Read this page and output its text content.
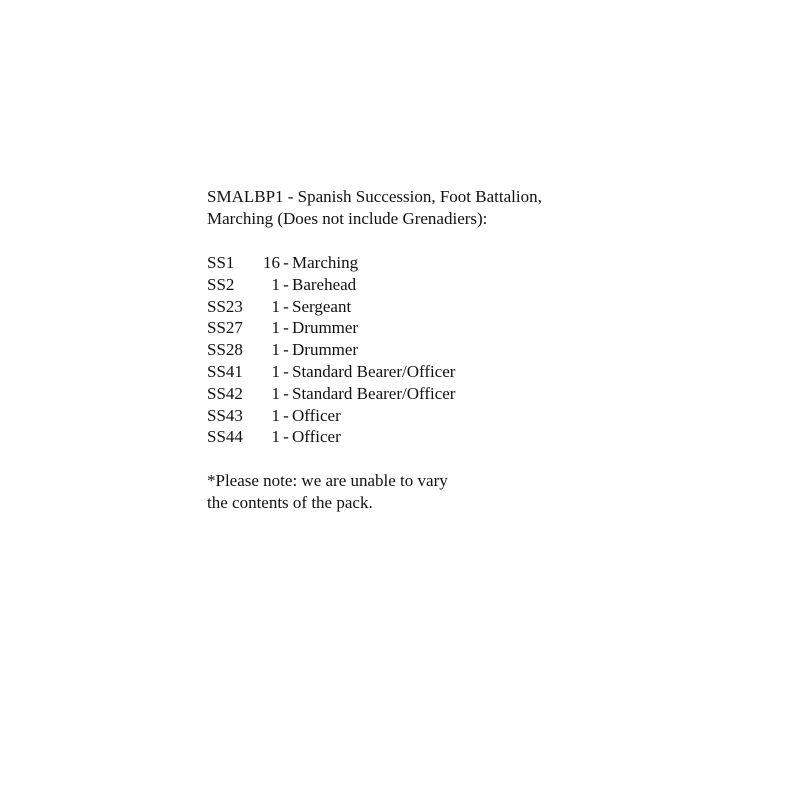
SMALBP1 - Spanish Succession, Foot Battalion,

Marching (Does not include Grenadiers):

SS1	16 - Marching
SS2	1 - Barehead
SS23	1 - Sergeant
SS27	1 - Drummer
SS28	1 - Drummer
SS41	1 - Standard Bearer/Officer
SS42	1 - Standard Bearer/Officer
SS43	1 - Officer
SS44	1 - Officer

*Please note: we are unable to vary

the contents of the pack.
